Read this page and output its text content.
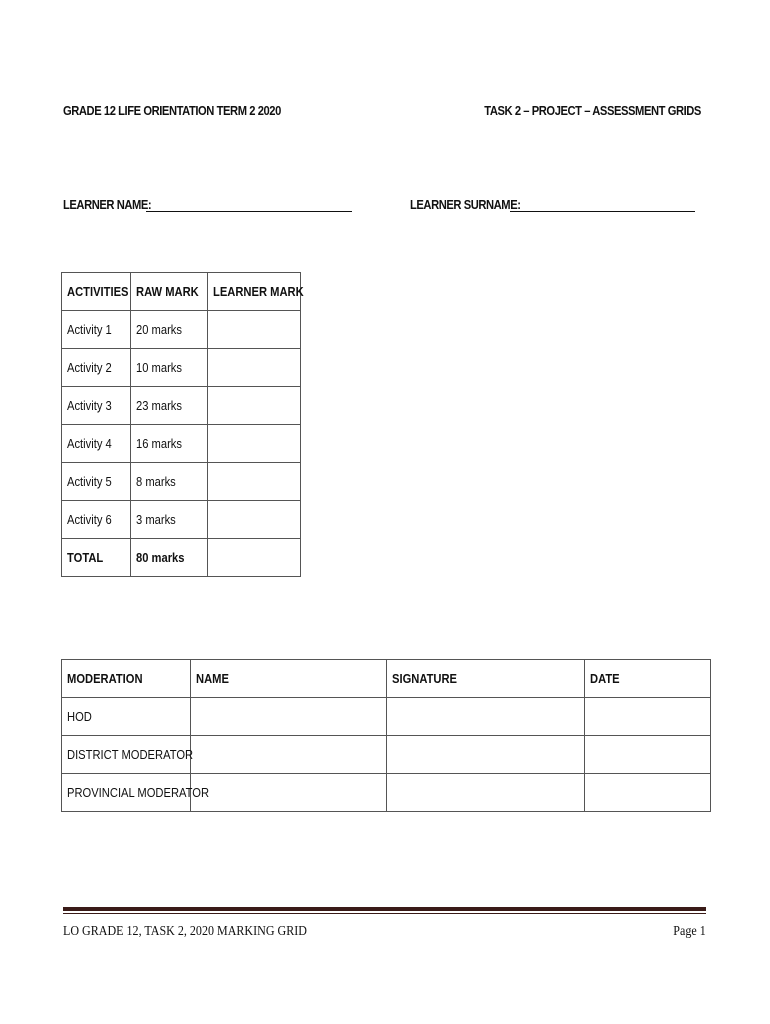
GRADE 12 LIFE ORIENTATION TERM 2 2020	TASK 2 – PROJECT – ASSESSMENT GRIDS
LEARNER NAME:	LEARNER SURNAME:
ACTIVITIES	RAW MARK	LEARNER MARK
Activity 1	20 marks	
Activity 2	10 marks	
Activity 3	23 marks	
Activity 4	16 marks	
Activity 5	8 marks	
Activity 6	3 marks	
TOTAL	80 marks	
MODERATION	NAME	SIGNATURE	DATE
HOD			
DISTRICT MODERATOR			
PROVINCIAL MODERATOR			
LO GRADE 12, TASK 2, 2020 MARKING GRID	Page 1
